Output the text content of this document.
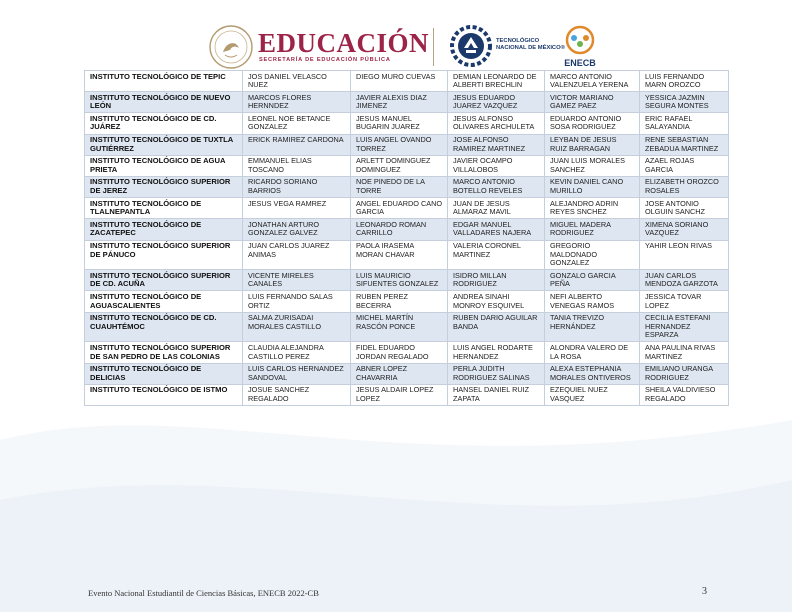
EDUCACIÓN
SECRETARÍA DE EDUCACIÓN PÚBLICA
TECNOLÓGICO
NACIONAL DE MÉXICO®
ENECB
INSTITUTO TECNOLÓGICO DE TEPIC	JOS DANIEL VELASCO NUEZ	DIEGO MURO CUEVAS	DEMIAN LEONARDO DE ALBERTI BRECHLIN	MARCO ANTONIO VALENZUELA YERENA	LUIS FERNANDO MARN OROZCO
INSTITUTO TECNOLÓGICO DE NUEVO LEÓN	MARCOS FLORES HERNNDEZ	JAVIER ALEXIS DIAZ JIMENEZ	JESUS EDUARDO JUAREZ VAZQUEZ	VICTOR MARIANO GAMEZ PAEZ	YESSICA JAZMIN SEGURA MONTES
INSTITUTO TECNOLÓGICO DE CD. JUÁREZ	LEONEL NOE BETANCE GONZALEZ	JESUS MANUEL BUGARIN JUAREZ	JESUS ALFONSO OLIVARES ARCHULETA	EDUARDO ANTONIO SOSA RODRIGUEZ	ERIC RAFAEL SALAYANDIA
INSTITUTO TECNOLÓGICO DE TUXTLA GUTIÉRREZ	ERICK RAMIREZ CARDONA	LUIS ANGEL OVANDO TORREZ	JOSE ALFONSO RAMIREZ MARTINEZ	LEYBAN DE JESUS RUIZ BARRAGAN	RENE SEBASTIAN ZEBADUA MARTINEZ
INSTITUTO TECNOLÓGICO DE AGUA PRIETA	EMMANUEL ELIAS TOSCANO	ARLETT DOMINGUEZ DOMINGUEZ	JAVIER OCAMPO VILLALOBOS	JUAN LUIS MORALES SANCHEZ	AZAEL ROJAS GARCIA
INSTITUTO TECNOLÓGICO SUPERIOR DE JEREZ	RICARDO SORIANO BARRIOS	NOE PINEDO DE LA TORRE	MARCO ANTONIO BOTELLO REVELES	KEVIN DANIEL CANO MURILLO	ELIZABETH OROZCO ROSALES
INSTITUTO TECNOLÓGICO DE TLALNEPANTLA	JESUS VEGA RAMREZ	ANGEL EDUARDO CANO GARCIA	JUAN DE JESUS ALMARAZ MAVIL	ALEJANDRO ADRIN REYES SNCHEZ	JOSE ANTONIO OLGUIN SANCHZ
INSTITUTO TECNOLÓGICO DE ZACATEPEC	JONATHAN ARTURO GONZALEZ GALVEZ	LEONARDO ROMAN CARRILLO	EDGAR MANUEL VALLADARES NAJERA	MIGUEL MADERA RODRIGUEZ	XIMENA SORIANO VAZQUEZ
INSTITUTO TECNOLÓGICO SUPERIOR DE PÁNUCO	JUAN CARLOS JUAREZ ANIMAS	PAOLA IRASEMA MORAN CHAVAR	VALERIA CORONEL MARTINEZ	GREGORIO MALDONADO GONZALEZ	YAHIR LEON RIVAS
INSTITUTO TECNOLÓGICO SUPERIOR DE CD. ACUÑA	VICENTE MIRELES CANALES	LUIS MAURICIO SIFUENTES GONZALEZ	ISIDRO MILLAN RODRIGUEZ	GONZALO GARCIA PEÑA	JUAN CARLOS MENDOZA GARZOTA
INSTITUTO TECNOLÓGICO DE AGUASCALIENTES	LUIS FERNANDO SALAS ORTIZ	RUBEN PEREZ BECERRA	ANDREA SINAHI MONROY ESQUIVEL	NEFI ALBERTO VENEGAS RAMOS	JESSICA TOVAR LOPEZ
INSTITUTO TECNOLÓGICO DE CD. CUAUHTÉMOC	SALMA ZURISADAI MORALES CASTILLO	MICHEL MARTÍN RASCÓN PONCE	RUBEN DARIO AGUILAR BANDA	TANIA TREVIZO HERNÁNDEZ	CECILIA ESTEFANI HERNANDEZ ESPARZA
INSTITUTO TECNOLÓGICO SUPERIOR DE SAN PEDRO DE LAS COLONIAS	CLAUDIA ALEJANDRA CASTILLO PEREZ	FIDEL EDUARDO JORDAN REGALADO	LUIS ANGEL RODARTE HERNANDEZ	ALONDRA VALERO DE LA ROSA	ANA PAULINA RIVAS MARTINEZ
INSTITUTO TECNOLÓGICO DE DELICIAS	LUIS CARLOS HERNANDEZ SANDOVAL	ABNER LOPEZ CHAVARRIA	PERLA JUDITH RODRIGUEZ SALINAS	ALEXA ESTEPHANIA MORALES ONTIVEROS	EMILIANO URANGA RODRIGUEZ
INSTITUTO TECNOLÓGICO DE ISTMO	JOSUE SANCHEZ REGALADO	JESUS ALDAIR LOPEZ LOPEZ	HANSEL DANIEL RUIZ ZAPATA	EZEQUIEL NUEZ VASQUEZ	SHEILA VALDIVIESO REGALADO
Evento Nacional Estudiantil de Ciencias Básicas, ENECB 2022-CB	3
